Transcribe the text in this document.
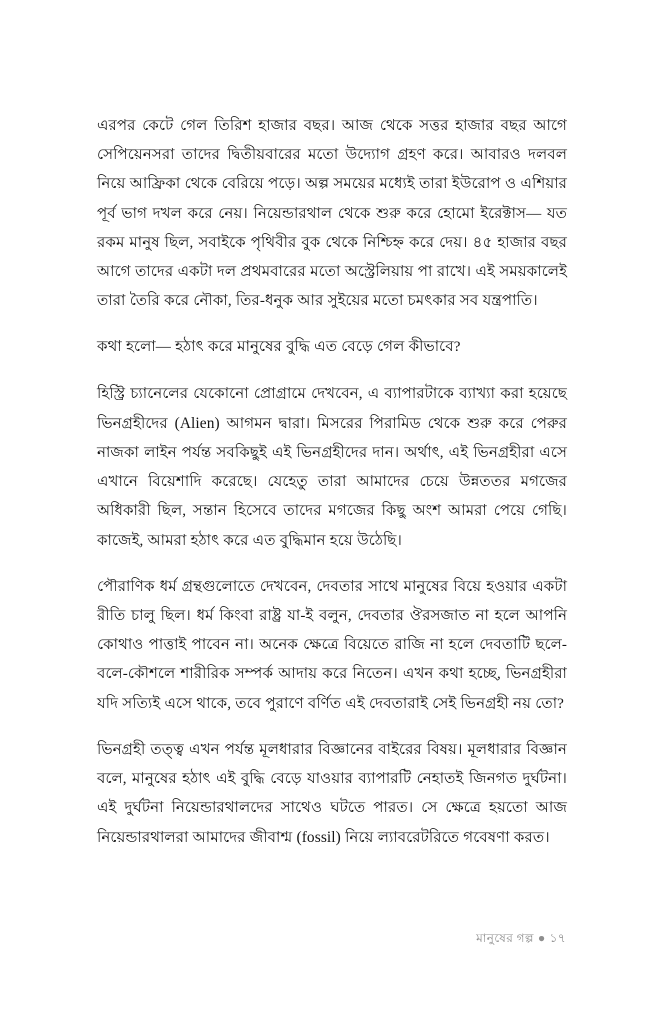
এরপর কেটে গেল তিরিশ হাজার বছর। আজ থেকে সত্তর হাজার বছর আগে সেপিয়েনসরা তাদের দ্বিতীয়বারের মতো উদ্যোগ গ্রহণ করে। আবারও দলবল নিয়ে আফ্রিকা থেকে বেরিয়ে পড়ে। অল্প সময়ের মধ্যেই তারা ইউরোপ ও এশিয়ার পূর্ব ভাগ দখল করে নেয়। নিয়েন্ডারথাল থেকে শুরু করে হোমো ইরেক্টাস— যত রকম মানুষ ছিল, সবাইকে পৃথিবীর বুক থেকে নিশ্চিহ্ন করে দেয়। ৪৫ হাজার বছর আগে তাদের একটা দল প্রথমবারের মতো অস্ট্রেলিয়ায় পা রাখে। এই সময়কালেই তারা তৈরি করে নৌকা, তির-ধনুক আর সুইয়ের মতো চমৎকার সব যন্ত্রপাতি।

কথা হলো— হঠাৎ করে মানুষের বুদ্ধি এত বেড়ে গেল কীভাবে?

হিস্ট্রি চ্যানেলের যেকোনো প্রোগ্রামে দেখবেন, এ ব্যাপারটাকে ব্যাখ্যা করা হয়েছে ভিনগ্রহীদের (Alien) আগমন দ্বারা। মিসরের পিরামিড থেকে শুরু করে পেরুর নাজকা লাইন পর্যন্ত সবকিছুই এই ভিনগ্রহীদের দান। অর্থাৎ, এই ভিনগ্রহীরা এসে এখানে বিয়েশাদি করেছে। যেহেতু তারা আমাদের চেয়ে উন্নততর মগজের অধিকারী ছিল, সন্তান হিসেবে তাদের মগজের কিছু অংশ আমরা পেয়ে গেছি। কাজেই, আমরা হঠাৎ করে এত বুদ্ধিমান হয়ে উঠেছি।

পৌরাণিক ধর্ম গ্রন্থগুলোতে দেখবেন, দেবতার সাথে মানুষের বিয়ে হওয়ার একটা রীতি চালু ছিল। ধর্ম কিংবা রাষ্ট্র যা-ই বলুন, দেবতার ঔরসজাত না হলে আপনি কোথাও পাত্তাই পাবেন না। অনেক ক্ষেত্রে বিয়েতে রাজি না হলে দেবতাটি ছলে-বলে-কৌশলে শারীরিক সম্পর্ক আদায় করে নিতেন। এখন কথা হচ্ছে, ভিনগ্রহীরা যদি সত্যিই এসে থাকে, তবে পুরাণে বর্ণিত এই দেবতারাই সেই ভিনগ্রহী নয় তো?

ভিনগ্রহী তত্ত্ব এখন পর্যন্ত মূলধারার বিজ্ঞানের বাইরের বিষয়। মূলধারার বিজ্ঞান বলে, মানুষের হঠাৎ এই বুদ্ধি বেড়ে যাওয়ার ব্যাপারটি নেহাতই জিনগত দুর্ঘটনা। এই দুর্ঘটনা নিয়েন্ডারথালদের সাথেও ঘটতে পারত। সে ক্ষেত্রে হয়তো আজ নিয়েন্ডারথালরা আমাদের জীবাশ্ম (fossil) নিয়ে ল্যাবরেটরিতে গবেষণা করত।

মানুষের গল্প ● ১৭
